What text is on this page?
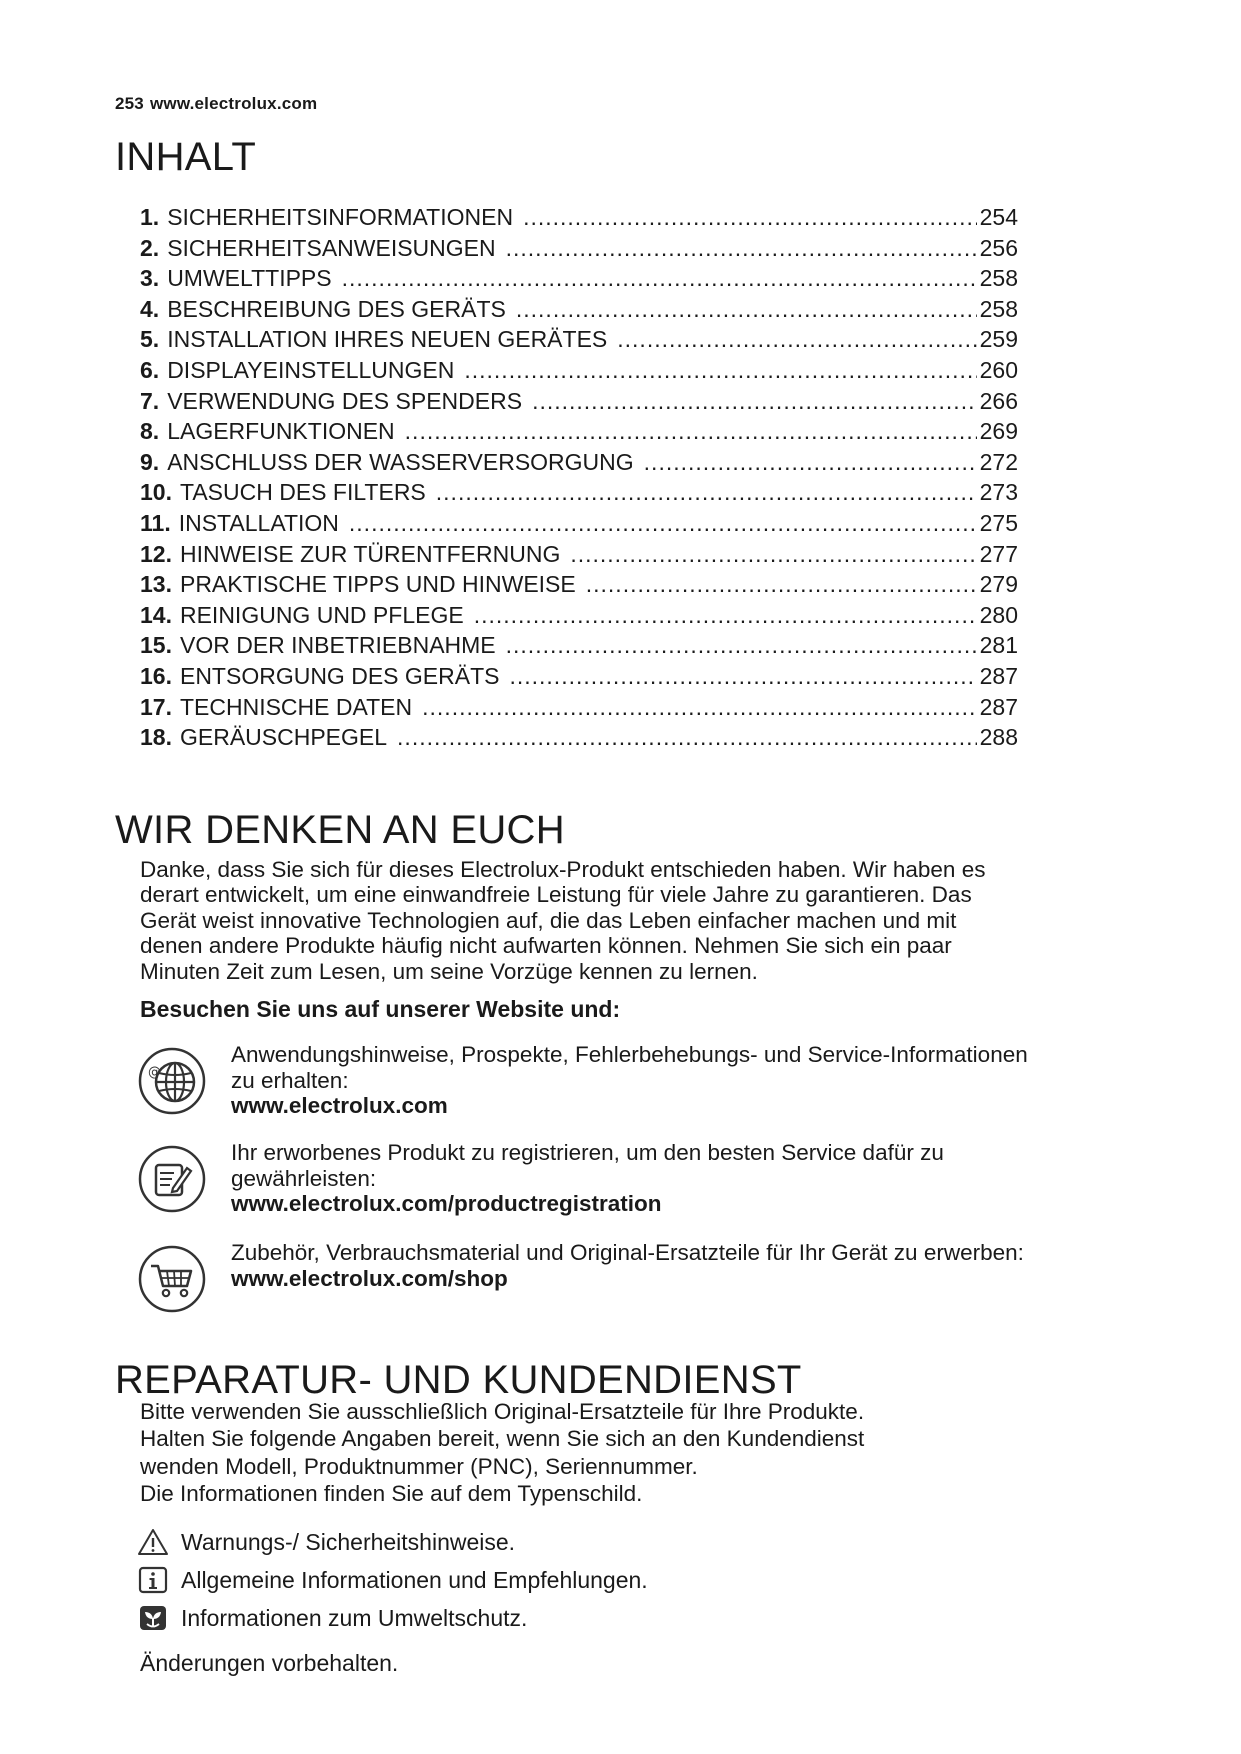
253 www.electrolux.com
INHALT
1. SICHERHEITSINFORMATIONEN .....	254
2. SICHERHEITSANWEISUNGEN .....	256
3. UMWELTTIPPS .....	258
4. BESCHREIBUNG DES GERÄTS .....	258
5. INSTALLATION IHRES NEUEN GERÄTES .....	259
6. DISPLAYEINSTELLUNGEN .....	260
7. VERWENDUNG DES SPENDERS .....	266
8. LAGERFUNKTIONEN .....	269
9. ANSCHLUSS DER WASSERVERSORGUNG .....	272
10. TASUCH DES FILTERS .....	273
11. INSTALLATION .....	275
12. HINWEISE ZUR TÜRENTFERNUNG .....	277
13. PRAKTISCHE TIPPS UND HINWEISE .....	279
14. REINIGUNG UND PFLEGE .....	280
15. VOR DER INBETRIEBNAHME .....	281
16. ENTSORGUNG DES GERÄTS .....	287
17. TECHNISCHE DATEN .....	287
18. GERÄUSCHPEGEL .....	288
WIR DENKEN AN EUCH

Danke, dass Sie sich für dieses Electrolux-Produkt entschieden haben. Wir haben es derart entwickelt, um eine einwandfreie Leistung für viele Jahre zu garantieren. Das Gerät weist innovative Technologien auf, die das Leben einfacher machen und mit denen andere Produkte häufig nicht aufwarten können. Nehmen Sie sich ein paar Minuten Zeit zum Lesen, um seine Vorzüge kennen zu lernen.

Besuchen Sie uns auf unserer Website und:

@
Anwendungshinweise, Prospekte, Fehlerbehebungs- und Service-Informationen zu erhalten:
www.electrolux.com
Ihr erworbenes Produkt zu registrieren, um den besten Service dafür zu gewährleisten:
www.electrolux.com/productregistration
Zubehör, Verbrauchsmaterial und Original-Ersatzteile für Ihr Gerät zu erwerben:
www.electrolux.com/shop
REPARATUR- UND KUNDENDIENST

Bitte verwenden Sie ausschließlich Original-Ersatzteile für Ihre Produkte.
Halten Sie folgende Angaben bereit, wenn Sie sich an den Kundendienst
wenden Modell, Produktnummer (PNC), Seriennummer.
Die Informationen finden Sie auf dem Typenschild.

Warnungs-/ Sicherheitshinweise.
Allgemeine Informationen und Empfehlungen.
Informationen zum Umweltschutz.

Änderungen vorbehalten.
